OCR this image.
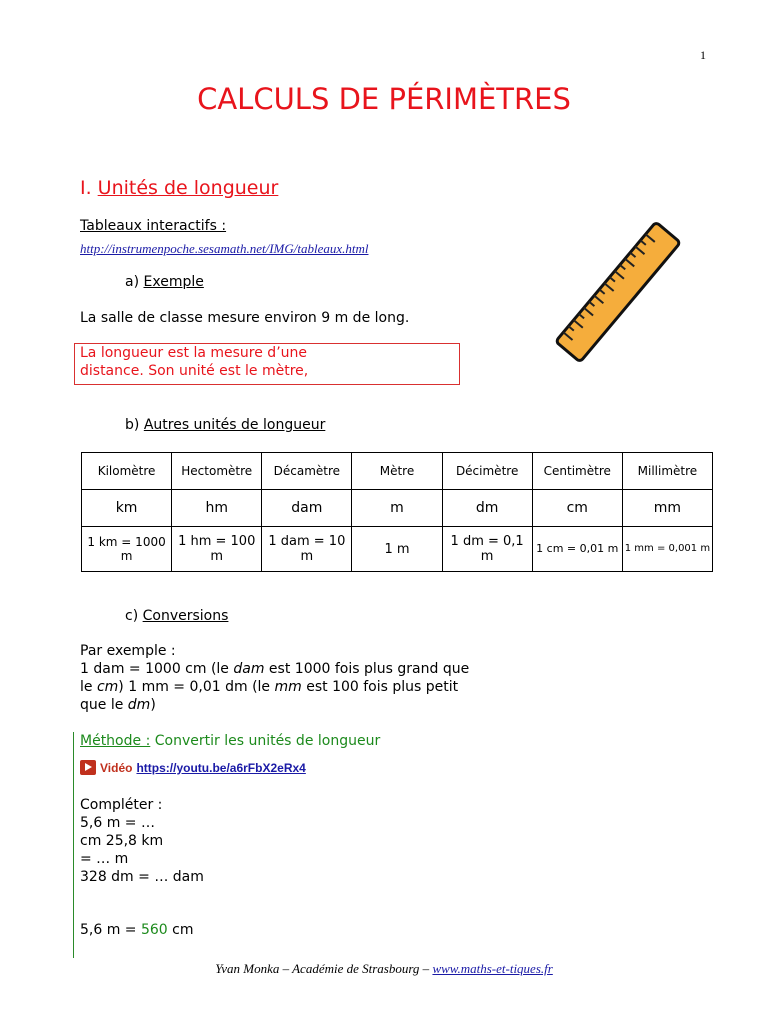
1
CALCULS DE PÉRIMÈTRES
I. Unités de longueur
Tableaux interactifs :
http://instrumenpoche.sesamath.net/IMG/tableaux.html
a) Exemple
La salle de classe mesure environ 9 m de long.
La longueur est la mesure d’une
distance. Son unité est le mètre,
b) Autres unités de longueur
Kilomètre	Hectomètre	Décamètre	Mètre	Décimètre	Centimètre	Millimètre
km	hm	dam	m	dm	cm	mm
1 km = 1000 m	1 hm = 100 m	1 dam = 10 m	1 m	1 dm = 0,1 m	1 cm = 0,01 m	1 mm = 0,001 m
c) Conversions
Par exemple :
1 dam = 1000 cm (le dam est 1000 fois plus grand que
le cm) 1 mm = 0,01 dm (le mm est 100 fois plus petit
que le dm)
Méthode : Convertir les unités de longueur
Vidéo https://youtu.be/a6rFbX2eRx4
Compléter :
5,6 m = …
cm 25,8 km
= … m
328 dm = … dam
5,6 m = 560 cm
Yvan Monka – Académie de Strasbourg – www.maths-et-tiques.fr
